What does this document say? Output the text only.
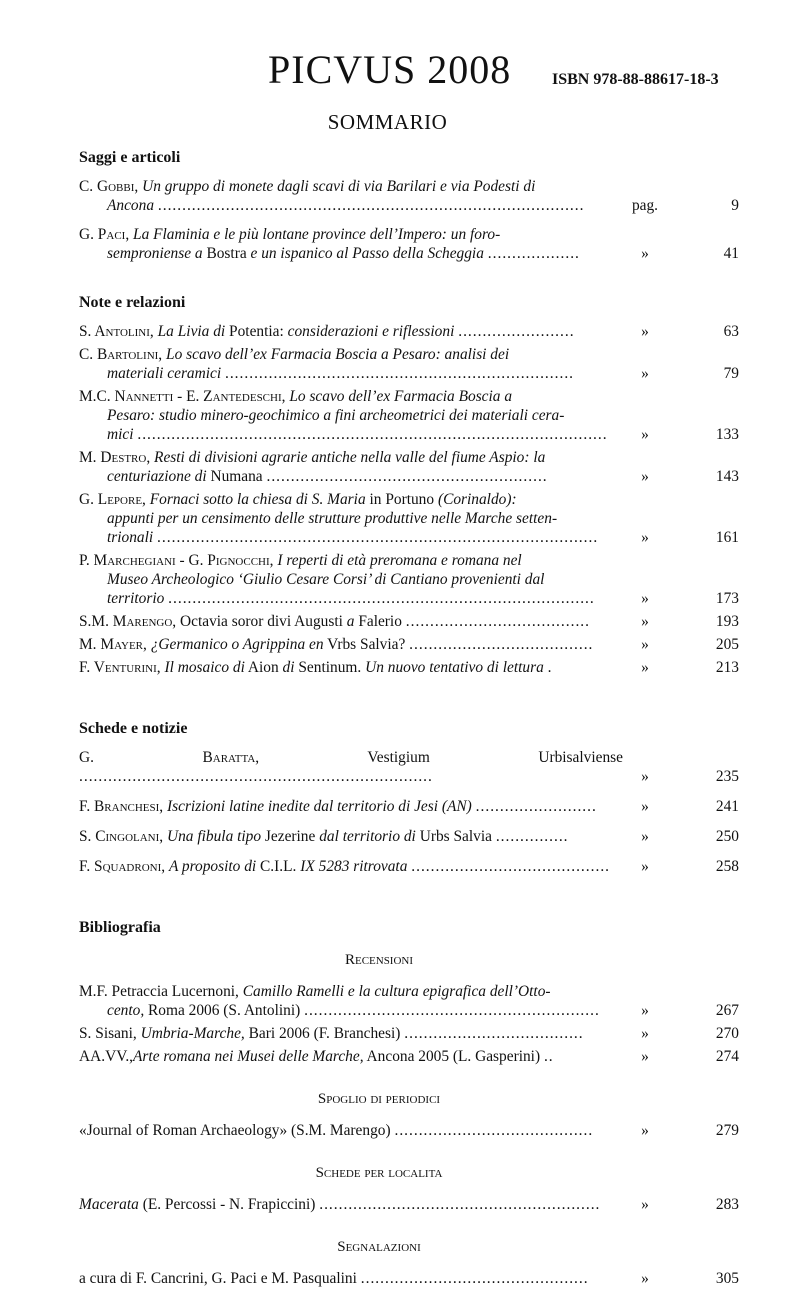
PICVUS 2008	ISBN 978-88-88617-18-3
SOMMARIO
Saggi e articoli
C. Gobbi, Un gruppo di monete dagli scavi di via Barilari e via Podesti di
Ancona ........................................................................................	pag.	9
G. Paci, La Flaminia e le più lontane province dell’Impero: un foro-
semproniense a Bostra e un ispanico al Passo della Scheggia ...................	»	41
Note e relazioni
S. Antolini, La Livia di Potentia: considerazioni e riflessioni ........................	»	63
C. Bartolini, Lo scavo dell’ex Farmacia Boscia a Pesaro: analisi dei
materiali ceramici ........................................................................	»	79
M.C. Nannetti - E. Zantedeschi, Lo scavo dell’ex Farmacia Boscia a
Pesaro: studio minero-geochimico a fini archeometrici dei materiali cera-
mici .................................................................................................	»	133
M. Destro, Resti di divisioni agrarie antiche nella valle del fiume Aspio: la
centuriazione di Numana ..........................................................	»	143
G. Lepore, Fornaci sotto la chiesa di S. Maria in Portuno (Corinaldo):
appunti per un censimento delle strutture produttive nelle Marche setten-
trionali ...........................................................................................	»	161
P. Marchegiani - G. Pignocchi, I reperti di età preromana e romana nel
Museo Archeologico ‘Giulio Cesare Corsi’ di Cantiano provenienti dal
territorio ........................................................................................	»	173
S.M. Marengo, Octavia soror divi Augusti a Falerio ......................................	»	193
M. Mayer, ¿Germanico o Agrippina en Vrbs Salvia? ......................................	»	205
F. Venturini, Il mosaico di Aion di Sentinum. Un nuovo tentativo di lettura .	»	213
Schede e notizie
G. Baratta,	Vestigium Urbisalviense .........................................................................	»	235
F. Branchesi, Iscrizioni latine inedite dal territorio di Jesi (AN) .........................	»	241
S. Cingolani, Una fibula tipo Jezerine dal territorio di Urbs Salvia ...............	»	250
F. Squadroni, A proposito di C.I.L. IX 5283 ritrovata .........................................	»	258
Bibliografia
Recensioni
M.F. Petraccia Lucernoni, Camillo Ramelli e la cultura epigrafica dell’Otto-
cento, Roma 2006 (S. Antolini) .............................................................	»	267
S. Sisani, Umbria-Marche, Bari 2006 (F. Branchesi) .....................................	»	270
AA.VV.,Arte romana nei Musei delle Marche, Ancona 2005 (L. Gasperini) ..	»	274
Spoglio di periodici
«Journal of Roman Archaeology» (S.M. Marengo) .........................................	»	279
Schede per localita
Macerata (E. Percossi - N. Frapiccini) ..........................................................	»	283
Segnalazioni
a cura di F. Cancrini, G. Paci e M. Pasqualini ...............................................	»	305
